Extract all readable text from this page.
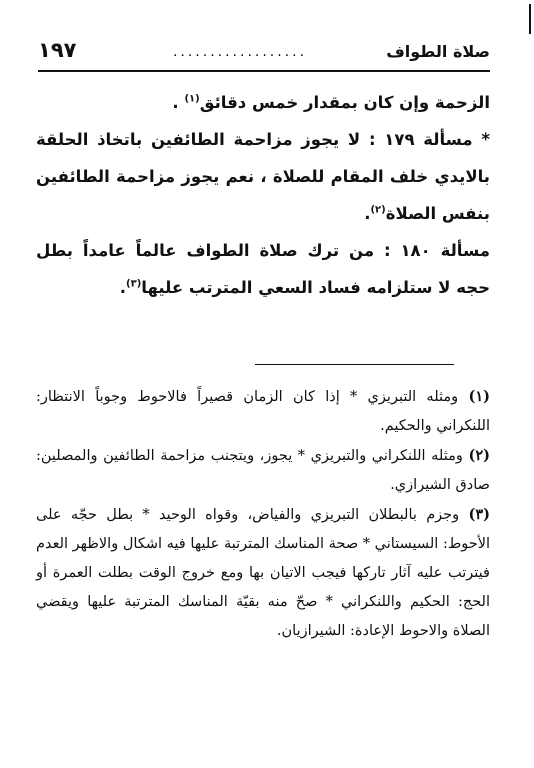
صلاة الطواف
..................
١٩٧

الزحمة وإن كان بمقدار خمس دقائق$^{(١)}$ .

* مسألة ١٧٩ : لا يجوز مزاحمة الطائفين باتخاذ الحلقة بالايدي خلف المقام للصلاة ، نعم يجوز مزاحمة الطائفين بنفس الصلاة$^{(٢)}$.

مسألة ١٨٠ : من ترك صلاة الطواف عالماً عامداً بطل حجه لا ستلزامه فساد السعي المترتب عليها$^{(٣)}$.

(١) ومثله التبريزي * إذا كان الزمان قصيراً فالاحوط وجوباً الانتظار: اللنكراني والحكيم.

(٢) ومثله اللنكراني والتبريزي * يجوز، ويتجنب مزاحمة الطائفين والمصلين: صادق الشيرازي.

(٣) وجزم بالبطلان التبريزي والفياض، وقواه الوحيد * بطل حجّه على الأحوط: السيستاني * صحة المناسك المترتبة عليها فيه اشكال والاظهر العدم فيترتب عليه آثار تاركها فيجب الاتيان بها ومع خروج الوقت بطلت العمرة أو الحج: الحكيم واللنكراني * صحّ منه بقيّة المناسك المترتبة عليها ويقضي الصلاة والاحوط الإعادة: الشيرازيان.
